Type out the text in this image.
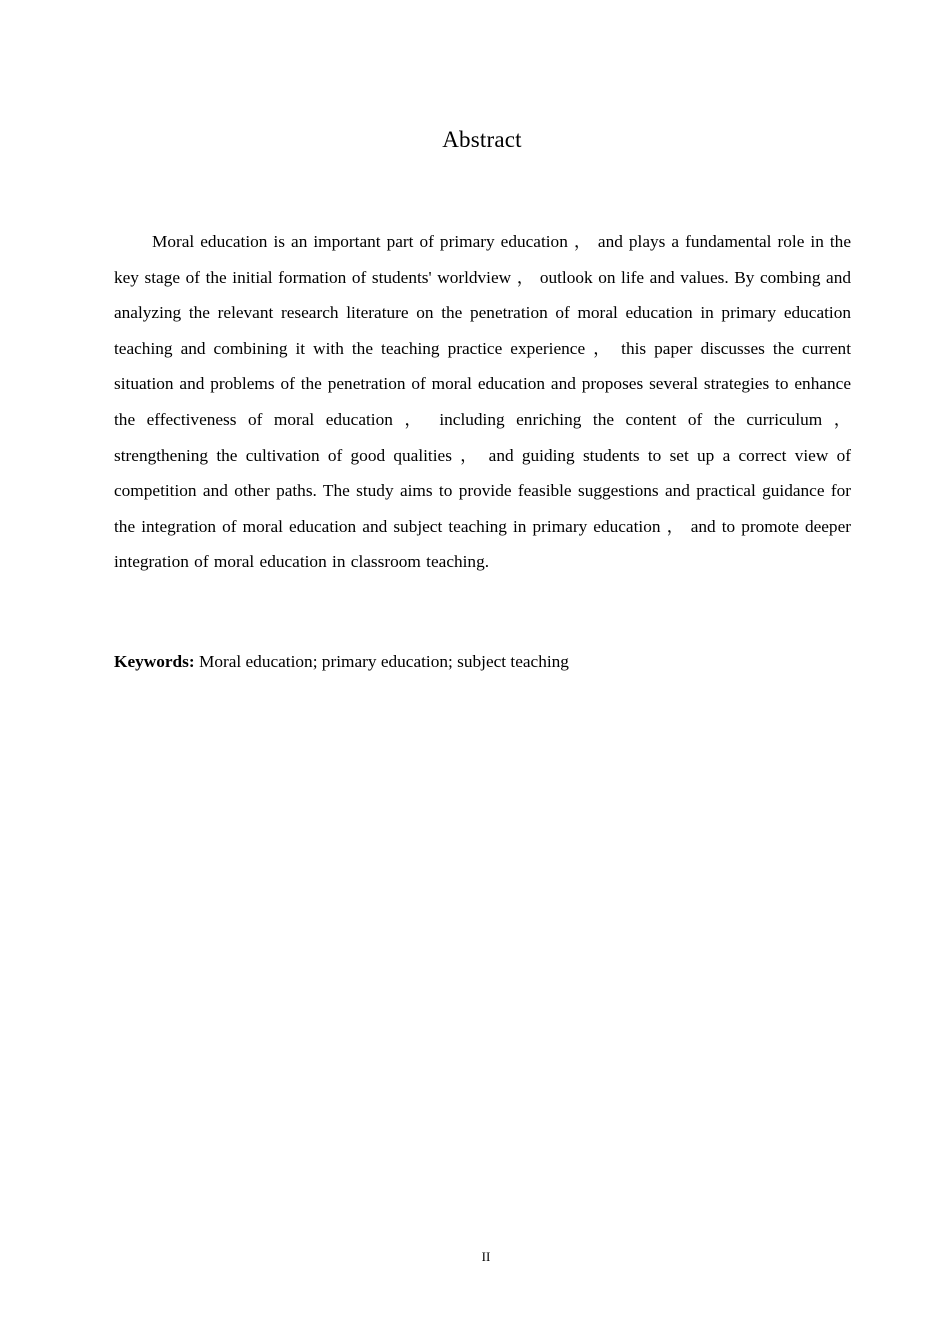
Abstract

Moral education is an important part of primary education ， and plays a fundamental role in the key stage of the initial formation of students' worldview ， outlook on life and values. By combing and analyzing the relevant research literature on the penetration of moral education in primary education teaching and combining it with the teaching practice experience ， this paper discusses the current situation and problems of the penetration of moral education and proposes several strategies to enhance the effectiveness of moral education ， including enriching the content of the curriculum ， strengthening the cultivation of good qualities ， and guiding students to set up a correct view of competition and other paths. The study aims to provide feasible suggestions and practical guidance for the integration of moral education and subject teaching in primary education ， and to promote deeper integration of moral education in classroom teaching.

Keywords: Moral education; primary education; subject teaching

II
